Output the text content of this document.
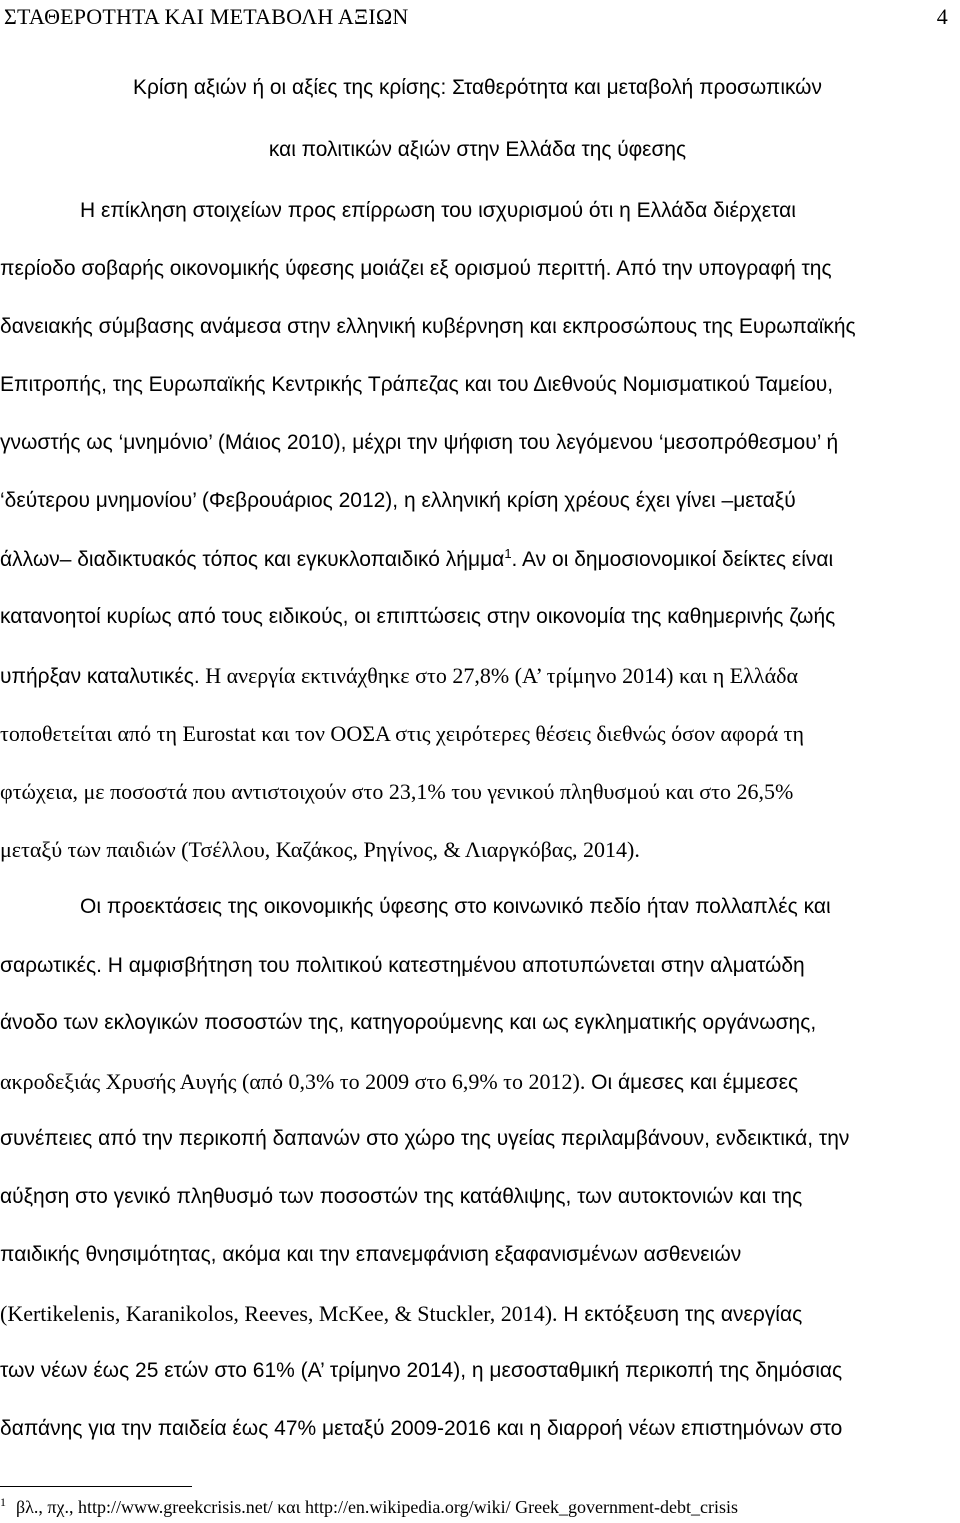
ΣΤΑΘΕΡΟΤΗΤΑ ΚΑΙ ΜΕΤΑΒΟΛΗ ΑΞΙΩΝ	4
Κρίση αξιών ή οι αξίες της κρίσης: Σταθερότητα και μεταβολή προσωπικών
και πολιτικών αξιών στην Ελλάδα της ύφεσης
Η επίκληση στοιχείων προς επίρρωση του ισχυρισμού ότι η Ελλάδα διέρχεται
περίοδο σοβαρής οικονομικής ύφεσης μοιάζει εξ ορισμού περιττή. Από την υπογραφή της
δανειακής σύμβασης ανάμεσα στην ελληνική κυβέρνηση και εκπροσώπους της Ευρωπαϊκής
Επιτροπής, της Ευρωπαϊκής Κεντρικής Τράπεζας και του Διεθνούς Νομισματικού Ταμείου,
γνωστής ως ‘μνημόνιο’ (Μάιος 2010), μέχρι την ψήφιση του λεγόμενου ‘μεσοπρόθεσμου’ ή
‘δεύτερου μνημονίου’ (Φεβρουάριος 2012), η ελληνική κρίση χρέους έχει γίνει –μεταξύ
άλλων– διαδικτυακός τόπος και εγκυκλοπαιδικό λήμμα$^1$. Αν οι δημοσιονομικοί δείκτες είναι
κατανοητοί κυρίως από τους ειδικούς, οι επιπτώσεις στην οικονομία της καθημερινής ζωής
υπήρξαν καταλυτικές. Η ανεργία εκτινάχθηκε στο 27,8% (Α’ τρίμηνο 2014) και η Ελλάδα
τοποθετείται από τη Eurostat και τον ΟΟΣΑ στις χειρότερες θέσεις διεθνώς όσον αφορά τη
φτώχεια, με ποσοστά που αντιστοιχούν στο 23,1% του γενικού πληθυσμού και στο 26,5%
μεταξύ των παιδιών (Τσέλλου, Καζάκος, Ρηγίνος, & Λιαργκόβας, 2014).
Οι προεκτάσεις της οικονομικής ύφεσης στο κοινωνικό πεδίο ήταν πολλαπλές και
σαρωτικές. Η αμφισβήτηση του πολιτικού κατεστημένου αποτυπώνεται στην αλματώδη
άνοδο των εκλογικών ποσοστών της, κατηγορούμενης και ως εγκληματικής οργάνωσης,
ακροδεξιάς Χρυσής Αυγής (από 0,3% το 2009 στο 6,9% το 2012). Οι άμεσες και έμμεσες
συνέπειες από την περικοπή δαπανών στο χώρο της υγείας περιλαμβάνουν, ενδεικτικά, την
αύξηση στο γενικό πληθυσμό των ποσοστών της κατάθλιψης, των αυτοκτονιών και της
παιδικής θνησιμότητας, ακόμα και την επανεμφάνιση εξαφανισμένων ασθενειών
(Kertikelenis, Karanikolos, Reeves, McKee, & Stuckler, 2014). Η εκτόξευση της ανεργίας
των νέων έως 25 ετών στο 61% (Α’ τρίμηνο 2014), η μεσοσταθμική περικοπή της δημόσιας
δαπάνης για την παιδεία έως 47% μεταξύ 2009-2016 και η διαρροή νέων επιστημόνων στο
$^1$ βλ., πχ., http://www.greekcrisis.net/ και http://en.wikipedia.org/wiki/ Greek_government-debt_crisis
